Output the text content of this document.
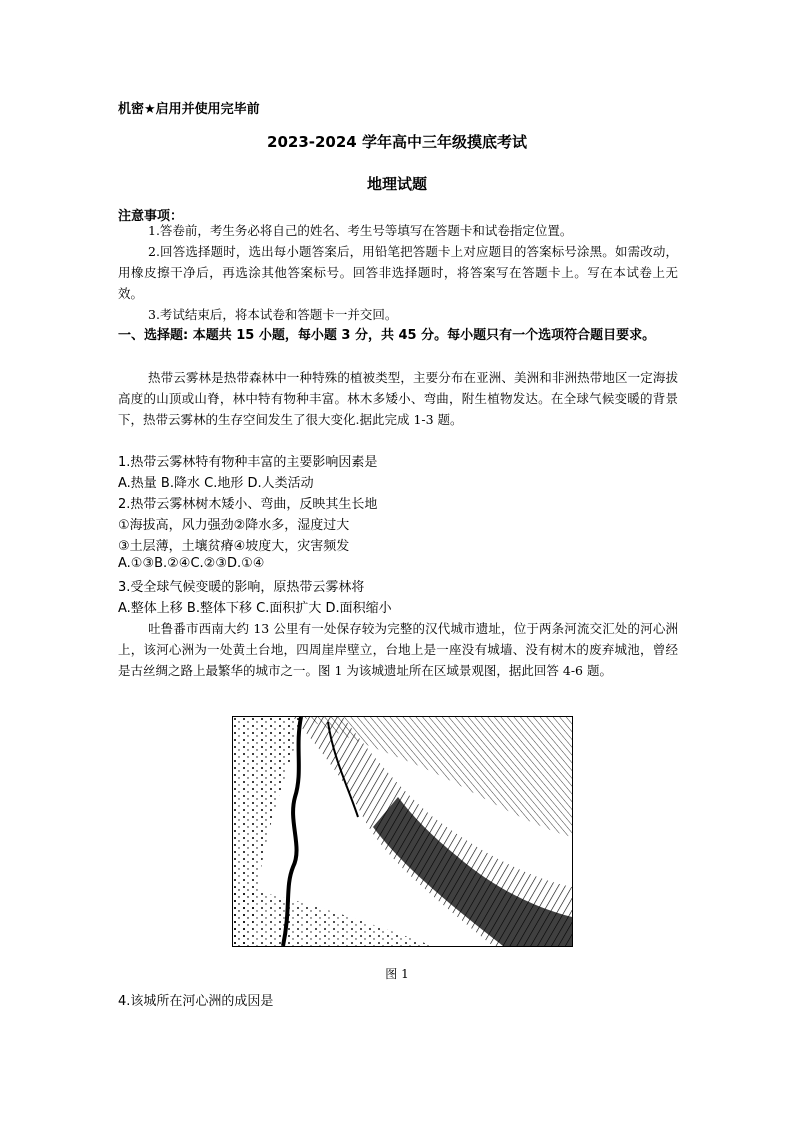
机密★启用并使用完毕前
2023-2024 学年高中三年级摸底考试
地理试题
注意事项：

1.答卷前，考生务必将自己的姓名、考生号等填写在答题卡和试卷指定位置。

2.回答选择题时，选出每小题答案后，用铅笔把答题卡上对应题目的答案标号涂黑。如需改动，用橡皮擦干净后，再选涂其他答案标号。回答非选择题时，将答案写在答题卡上。写在本试卷上无效。

3.考试结束后，将本试卷和答题卡一并交回。

一、选择题: 本题共 15 小题，每小题 3 分，共 45 分。每小题只有一个选项符合题目要求。

热带云雾林是热带森林中一种特殊的植被类型，主要分布在亚洲、美洲和非洲热带地区一定海拔高度的山顶或山脊，林中特有物种丰富。林木多矮小、弯曲，附生植物发达。在全球气候变暖的背景下，热带云雾林的生存空间发生了很大变化.据此完成 1-3 题。

1.热带云雾林特有物种丰富的主要影响因素是
A.热量 B.降水 C.地形 D.人类活动
2.热带云雾林树木矮小、弯曲，反映其生长地
①海拔高，风力强劲②降水多，湿度过大
③土层薄，土壤贫瘠④坡度大，灾害频发
A.①③B.②④C.②③D.①④
3.受全球气候变暖的影响，原热带云雾林将
A.整体上移 B.整体下移 C.面积扩大 D.面积缩小

吐鲁番市西南大约 13 公里有一处保存较为完整的汉代城市遗址，位于两条河流交汇处的河心洲上，该河心洲为一处黄土台地，四周崖岸壁立，台地上是一座没有城墙、没有树木的废弃城池，曾经是古丝绸之路上最繁华的城市之一。图 1 为该城遗址所在区域景观图，据此回答 4-6 题。

图 1
4.该城所在河心洲的成因是
